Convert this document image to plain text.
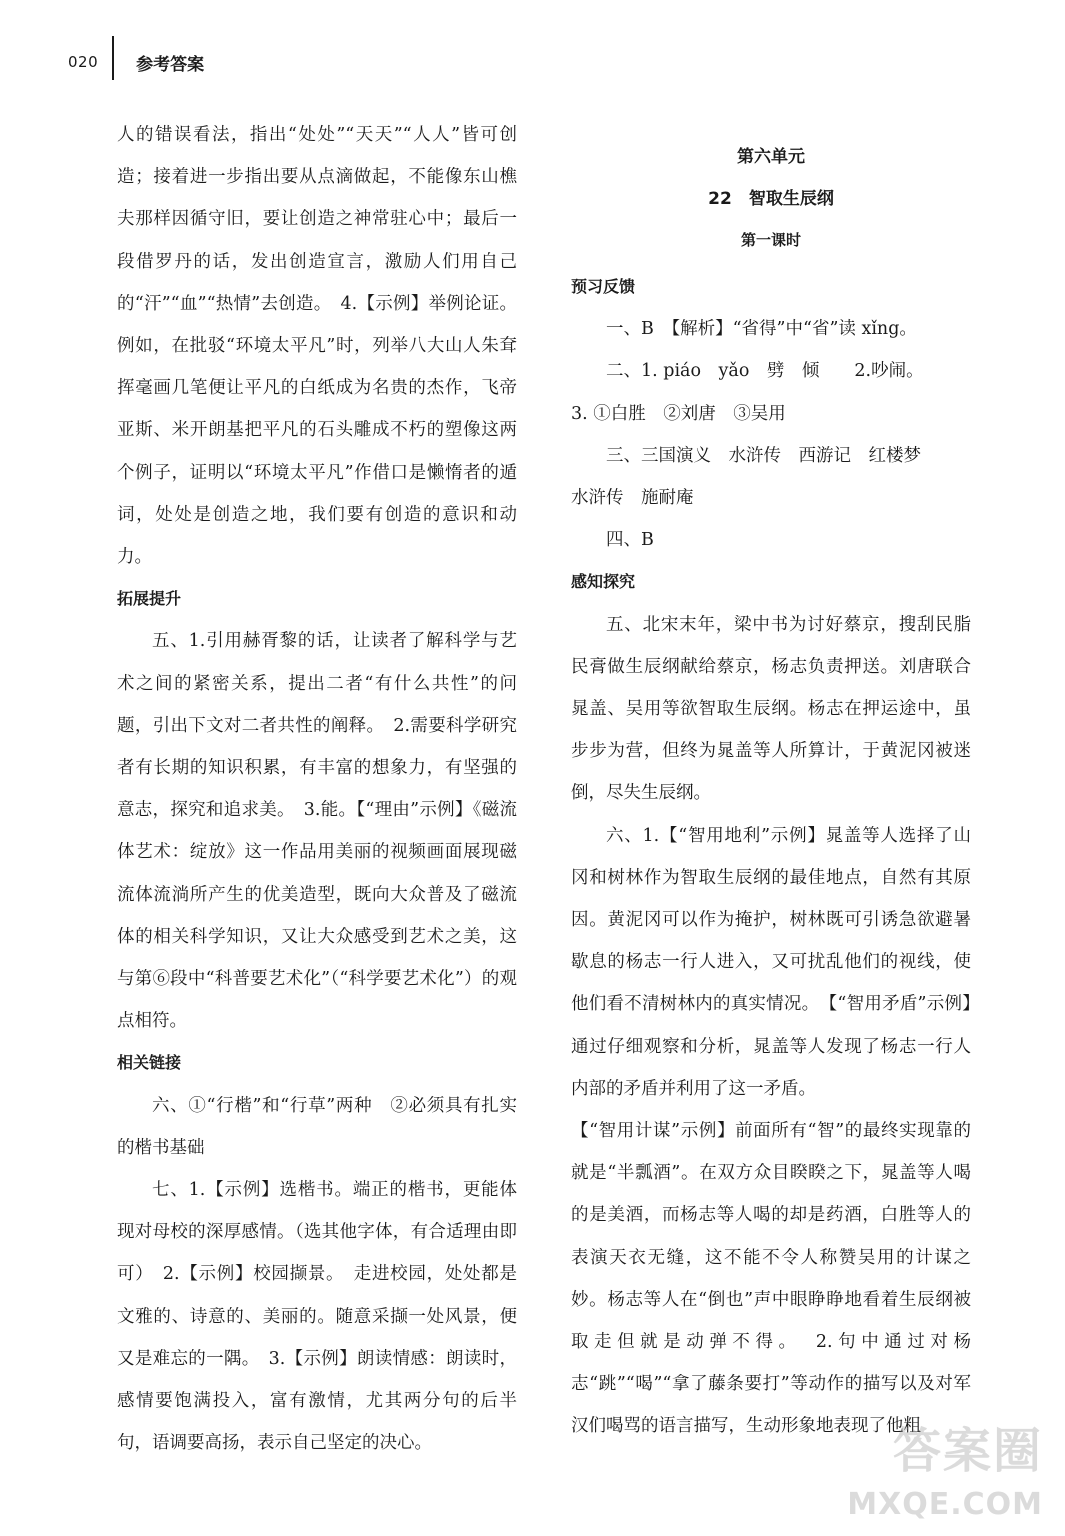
020 参考答案

人的错误看法，指出“处处”“天天”“人人”皆可创造；接着进一步指出要从点滴做起，不能像东山樵夫那样因循守旧，要让创造之神常驻心中；最后一段借罗丹的话，发出创造宣言，激励人们用自己的“汗”“血”“热情”去创造。　4.【示例】举例论证。例如，在批驳“环境太平凡”时，列举八大山人朱耷挥毫画几笔便让平凡的白纸成为名贵的杰作，飞帝亚斯、米开朗基把平凡的石头雕成不朽的塑像这两个例子，证明以“环境太平凡”作借口是懒惰者的遁词，处处是创造之地，我们要有创造的意识和动力。

拓展提升

五、1.引用赫胥黎的话，让读者了解科学与艺术之间的紧密关系，提出二者“有什么共性”的问题，引出下文对二者共性的阐释。　2.需要科学研究者有长期的知识积累，有丰富的想象力，有坚强的意志，探究和追求美。　3.能。【“理由”示例】《磁流体艺术：绽放》这一作品用美丽的视频画面展现磁流体流淌所产生的优美造型，既向大众普及了磁流体的相关科学知识，又让大众感受到艺术之美，这与第⑥段中“科普要艺术化”（“科学要艺术化”）的观点相符。

相关链接

六、①“行楷”和“行草”两种　②必须具有扎实的楷书基础

七、1.【示例】选楷书。端正的楷书，更能体现对母校的深厚感情。（选其他字体，有合适理由即可）　2.【示例】校园撷景。　走进校园，处处都是文雅的、诗意的、美丽的。随意采撷一处风景，便又是难忘的一隅。　3.【示例】朗读情感：朗读时，感情要饱满投入，富有激情，尤其两分句的后半句，语调要高扬，表示自己坚定的决心。

第六单元

22　智取生辰纲

第一课时

预习反馈

一、B　【解析】“省得”中“省”读 xǐng。

二、1. piáo　yǎo　劈　倾　　2.吵闹。

3. ①白胜　②刘唐　③吴用

三、三国演义　水浒传　西游记　红楼梦

水浒传　施耐庵

四、B

感知探究

五、北宋末年，梁中书为讨好蔡京，搜刮民脂民膏做生辰纲献给蔡京，杨志负责押送。刘唐联合晁盖、吴用等欲智取生辰纲。杨志在押运途中，虽步步为营，但终为晁盖等人所算计，于黄泥冈被迷倒，尽失生辰纲。

六、1.【“智用地利”示例】晁盖等人选择了山冈和树林作为智取生辰纲的最佳地点，自然有其原因。黄泥冈可以作为掩护，树林既可引诱急欲避暑歇息的杨志一行人进入，又可扰乱他们的视线，使他们看不清树林内的真实情况。　【“智用矛盾”示例】通过仔细观察和分析，晁盖等人发现了杨志一行人内部的矛盾并利用了这一矛盾。

【“智用计谋”示例】前面所有“智”的最终实现靠的就是“半瓢酒”。在双方众目睽睽之下，晁盖等人喝的是美酒，而杨志等人喝的却是药酒，白胜等人的表演天衣无缝，这不能不令人称赞吴用的计谋之妙。杨志等人在“倒也”声中眼睁睁地看着生辰纲被取走但就是动弹不得。　2.句中通过对杨志“跳”“喝”“拿了藤条要打”等动作的描写以及对军汉们喝骂的语言描写，生动形象地表现了他粗

答案圈
MXQE.COM
